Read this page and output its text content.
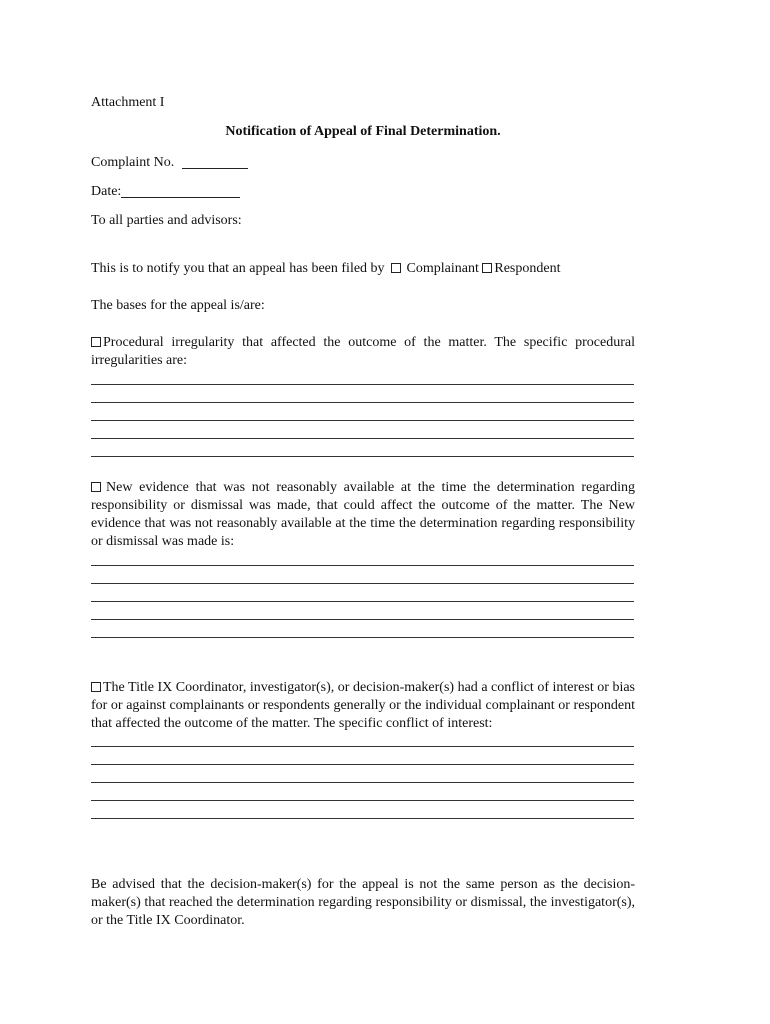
Attachment I
Notification of Appeal of Final Determination.
Complaint No.
Date:
To all parties and advisors:
This is to notify you that an appeal has been filed by Complainant Respondent
The bases for the appeal is/are:
Procedural irregularity that affected the outcome of the matter. The specific procedural irregularities are:
New evidence that was not reasonably available at the time the determination regarding responsibility or dismissal was made, that could affect the outcome of the matter. The New evidence that was not reasonably available at the time the determination regarding responsibility or dismissal was made is:
The Title IX Coordinator, investigator(s), or decision-maker(s) had a conflict of interest or bias for or against complainants or respondents generally or the individual complainant or respondent that affected the outcome of the matter. The specific conflict of interest:
Be advised that the decision-maker(s) for the appeal is not the same person as the decision-maker(s) that reached the determination regarding responsibility or dismissal, the investigator(s), or the Title IX Coordinator.
